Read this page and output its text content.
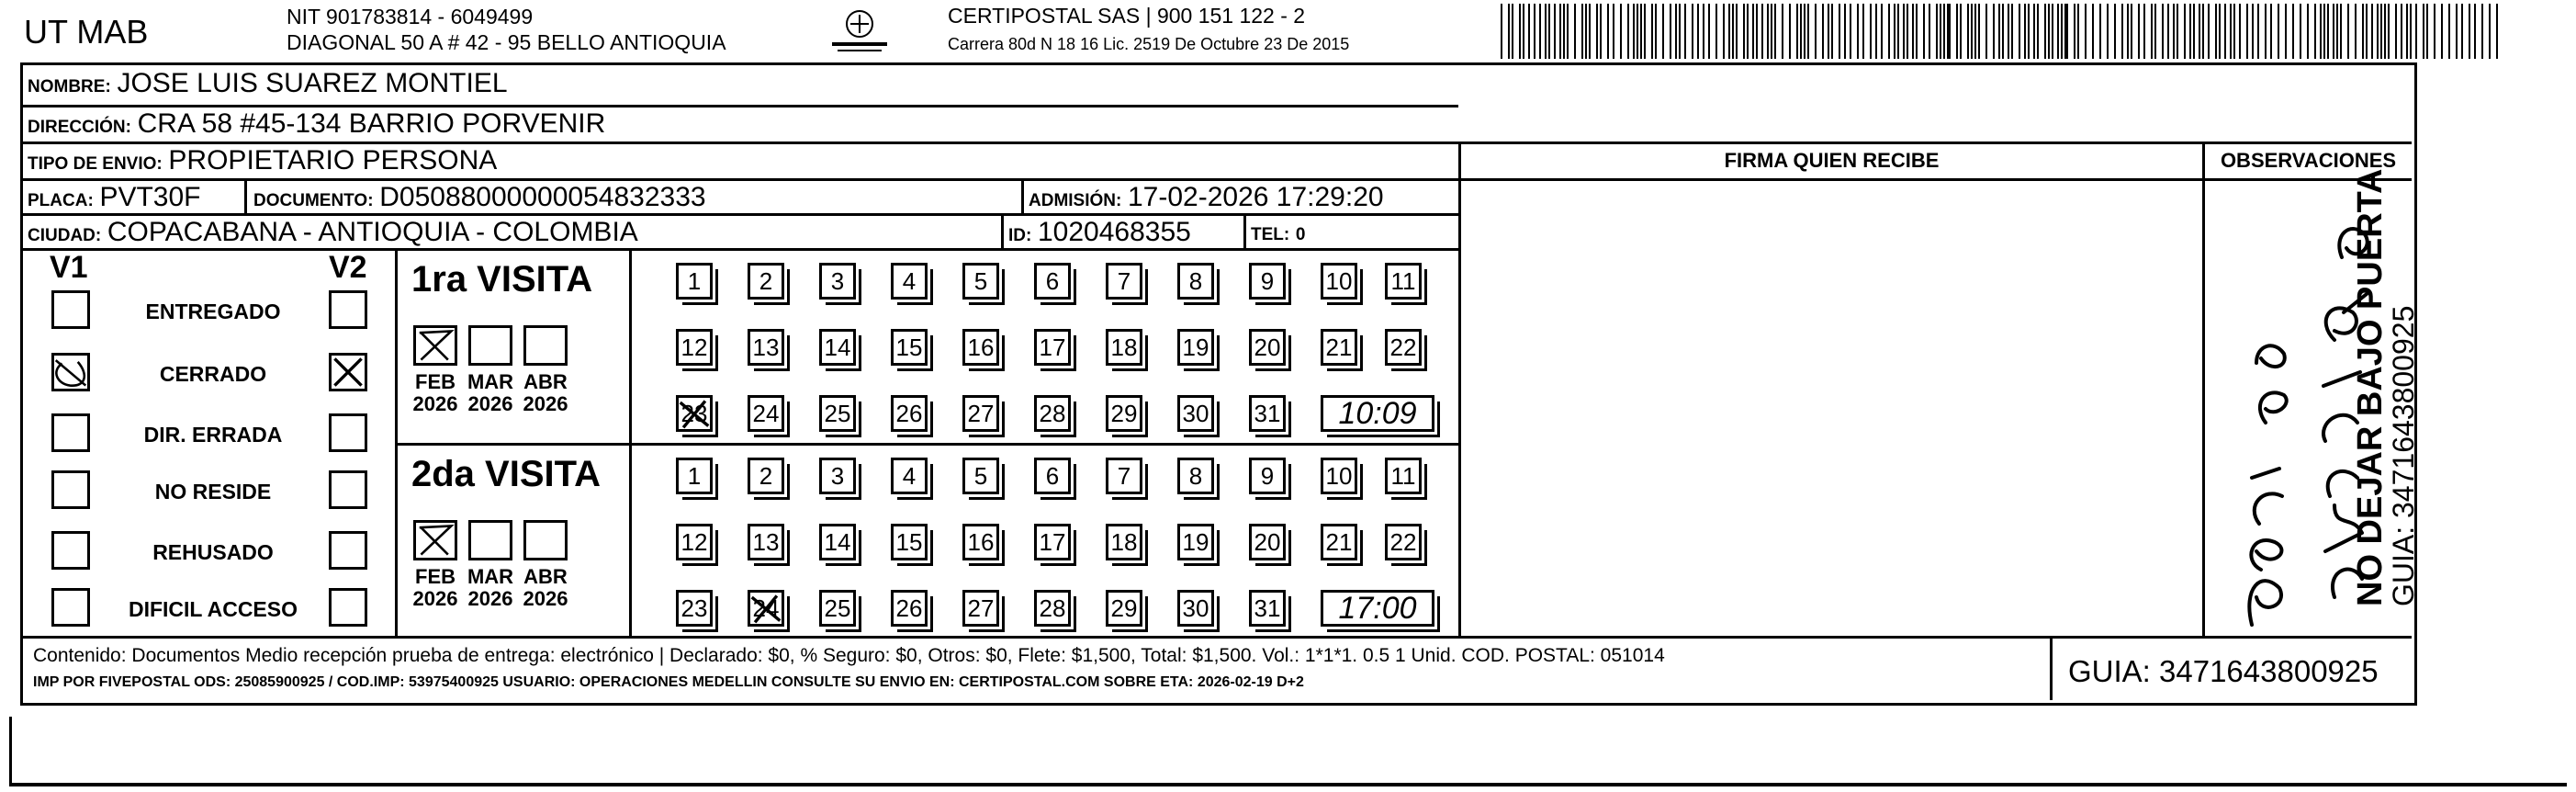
UT MAB	NIT 901783814 - 6049499
DIAGONAL 50 A # 42 - 95 BELLO ANTIOQUIA
CERTIPOSTAL SAS | 900 151 122 - 2
Carrera 80d N 18 16 Lic. 2519 De Octubre 23 De 2015
NOMBRE: JOSE LUIS SUAREZ MONTIEL
DIRECCIÓN: CRA 58 #45-134 BARRIO PORVENIR
TIPO DE ENVIO: PROPIETARIO PERSONA	FIRMA QUIEN RECIBE	OBSERVACIONES
PLACA: PVT30F	DOCUMENTO: D05088000000054832333	ADMISIÓN: 17-02-2026 17:29:20
CIUDAD: COPACABANA - ANTIOQUIA - COLOMBIA	ID: 1020468355	TEL: 0
V1	V2
ENTREGADO
CERRADO
DIR. ERRADA
NO RESIDE
REHUSADO
DIFICIL ACCESO
1ra VISITA
FEB
2026
MAR
2026
ABR
2026
1	2	3	4	5	6	7	8	9	10 11
12 13 14 15 16 17 18 19 20 21 22
23 24 25 26 27 28 29 30 31	10:09
2da VISITA
FEB
2026
MAR
2026
ABR
2026
1	2	3	4	5	6	7	8	9	10 11
12 13 14 15 16 17 18 19 20 21 22
23 24 25 26 27 28 29 30 31	17:00
Contenido: Documentos Medio recepción prueba de entrega: electrónico | Declarado: $0, % Seguro: $0, Otros: $0, Flete: $1,500, Total: $1,500. Vol.: 1*1*1. 0.5 1 Unid. COD. POSTAL: 051014
IMP POR FIVEPOSTAL ODS: 25085900925 / COD.IMP: 53975400925 USUARIO: OPERACIONES MEDELLIN CONSULTE SU ENVIO EN: CERTIPOSTAL.COM SOBRE ETA: 2026-02-19 D+2	GUIA: 3471643800925
NO DEJAR BAJO PUERTA
GUIA: 3471643800925
